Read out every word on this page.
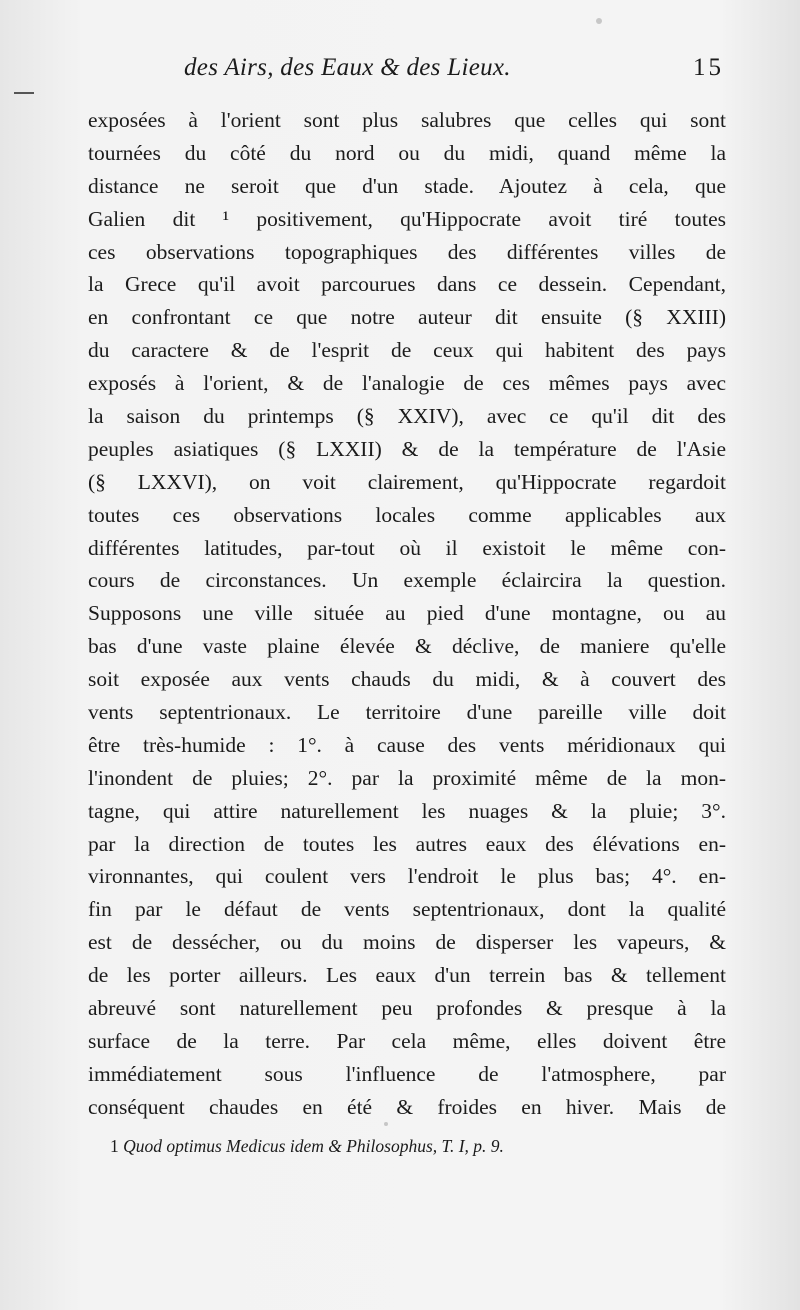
des Airs, des Eaux & des Lieux.	15
exposées à l'orient sont plus salubres que celles qui sont
tournées du côté du nord ou du midi, quand même la
distance ne seroit que d'un stade. Ajoutez à cela, que
Galien dit ¹ positivement, qu'Hippocrate avoit tiré toutes
ces observations topographiques des différentes villes de
la Grece qu'il avoit parcourues dans ce dessein. Cependant,
en confrontant ce que notre auteur dit ensuite (§ XXIII)
du caractere & de l'esprit de ceux qui habitent des pays
exposés à l'orient, & de l'analogie de ces mêmes pays avec
la saison du printemps (§ XXIV), avec ce qu'il dit des
peuples asiatiques (§ LXXII) & de la température de l'Asie
(§ LXXVI), on voit clairement, qu'Hippocrate regardoit
toutes ces observations locales comme applicables aux
différentes latitudes, par-tout où il existoit le même con-
cours de circonstances. Un exemple éclaircira la question.
Supposons une ville située au pied d'une montagne, ou au
bas d'une vaste plaine élevée & déclive, de maniere qu'elle
soit exposée aux vents chauds du midi, & à couvert des
vents septentrionaux. Le territoire d'une pareille ville doit
être très-humide : 1°. à cause des vents méridionaux qui
l'inondent de pluies; 2°. par la proximité même de la mon-
tagne, qui attire naturellement les nuages & la pluie; 3°.
par la direction de toutes les autres eaux des élévations en-
vironnantes, qui coulent vers l'endroit le plus bas; 4°. en-
fin par le défaut de vents septentrionaux, dont la qualité
est de dessécher, ou du moins de disperser les vapeurs, &
de les porter ailleurs. Les eaux d'un terrein bas & tellement
abreuvé sont naturellement peu profondes & presque à la
surface de la terre. Par cela même, elles doivent être
immédiatement sous l'influence de l'atmosphere, par
conséquent chaudes en été & froides en hiver. Mais de
1 Quod optimus Medicus idem & Philosophus, T. I, p. 9.
